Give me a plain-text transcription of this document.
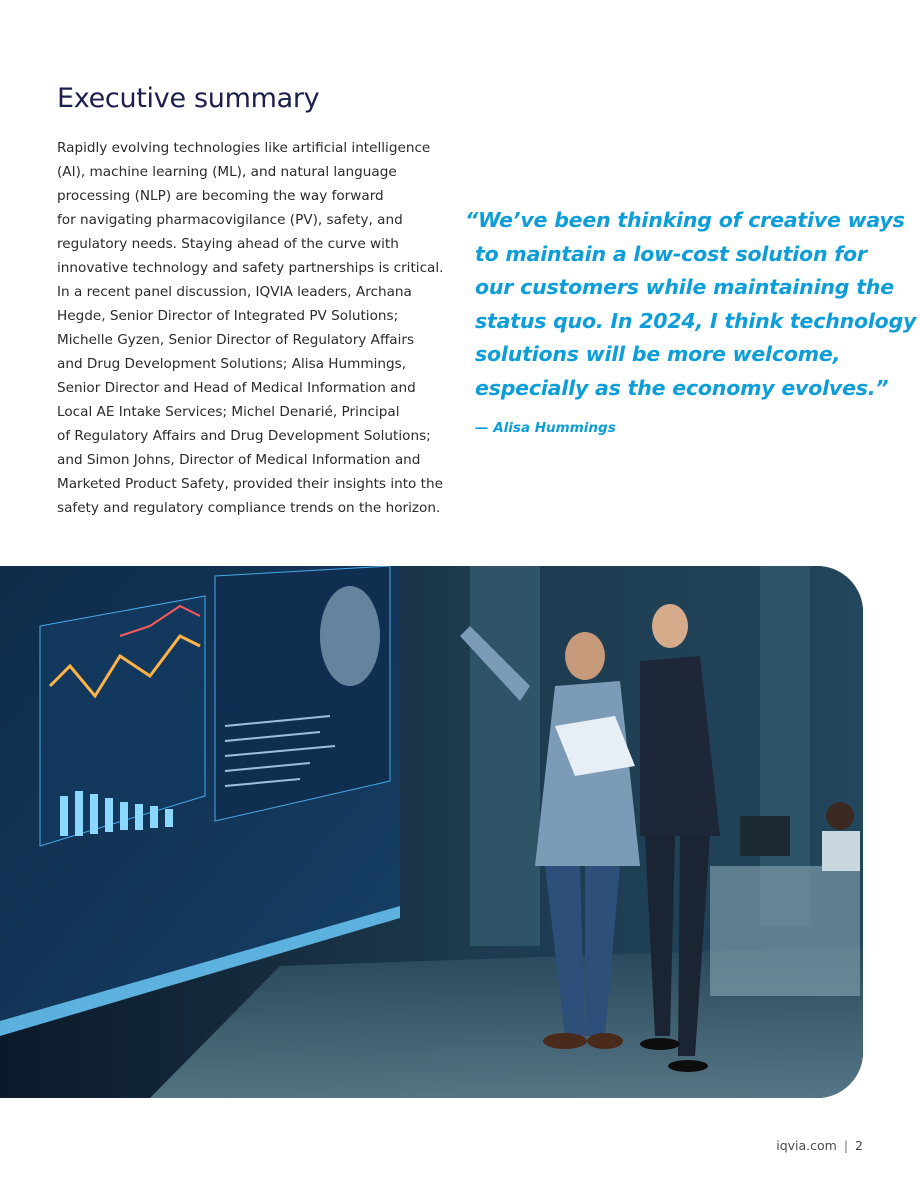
Executive summary
Rapidly evolving technologies like artificial intelligence
(AI), machine learning (ML), and natural language
processing (NLP) are becoming the way forward
for navigating pharmacovigilance (PV), safety, and
regulatory needs. Staying ahead of the curve with
innovative technology and safety partnerships is critical.
In a recent panel discussion, IQVIA leaders, Archana
Hegde, Senior Director of Integrated PV Solutions;
Michelle Gyzen, Senior Director of Regulatory Affairs
and Drug Development Solutions; Alisa Hummings,
Senior Director and Head of Medical Information and
Local AE Intake Services; Michel Denarié, Principal
of Regulatory Affairs and Drug Development Solutions;
and Simon Johns, Director of Medical Information and
Marketed Product Safety, provided their insights into the
safety and regulatory compliance trends on the horizon.
“We’ve been thinking of creative ways
to maintain a low-cost solution for
our customers while maintaining the
status quo. In 2024, I think technology
solutions will be more welcome,
especially as the economy evolves.”
— Alisa Hummings
iqvia.com | 2
